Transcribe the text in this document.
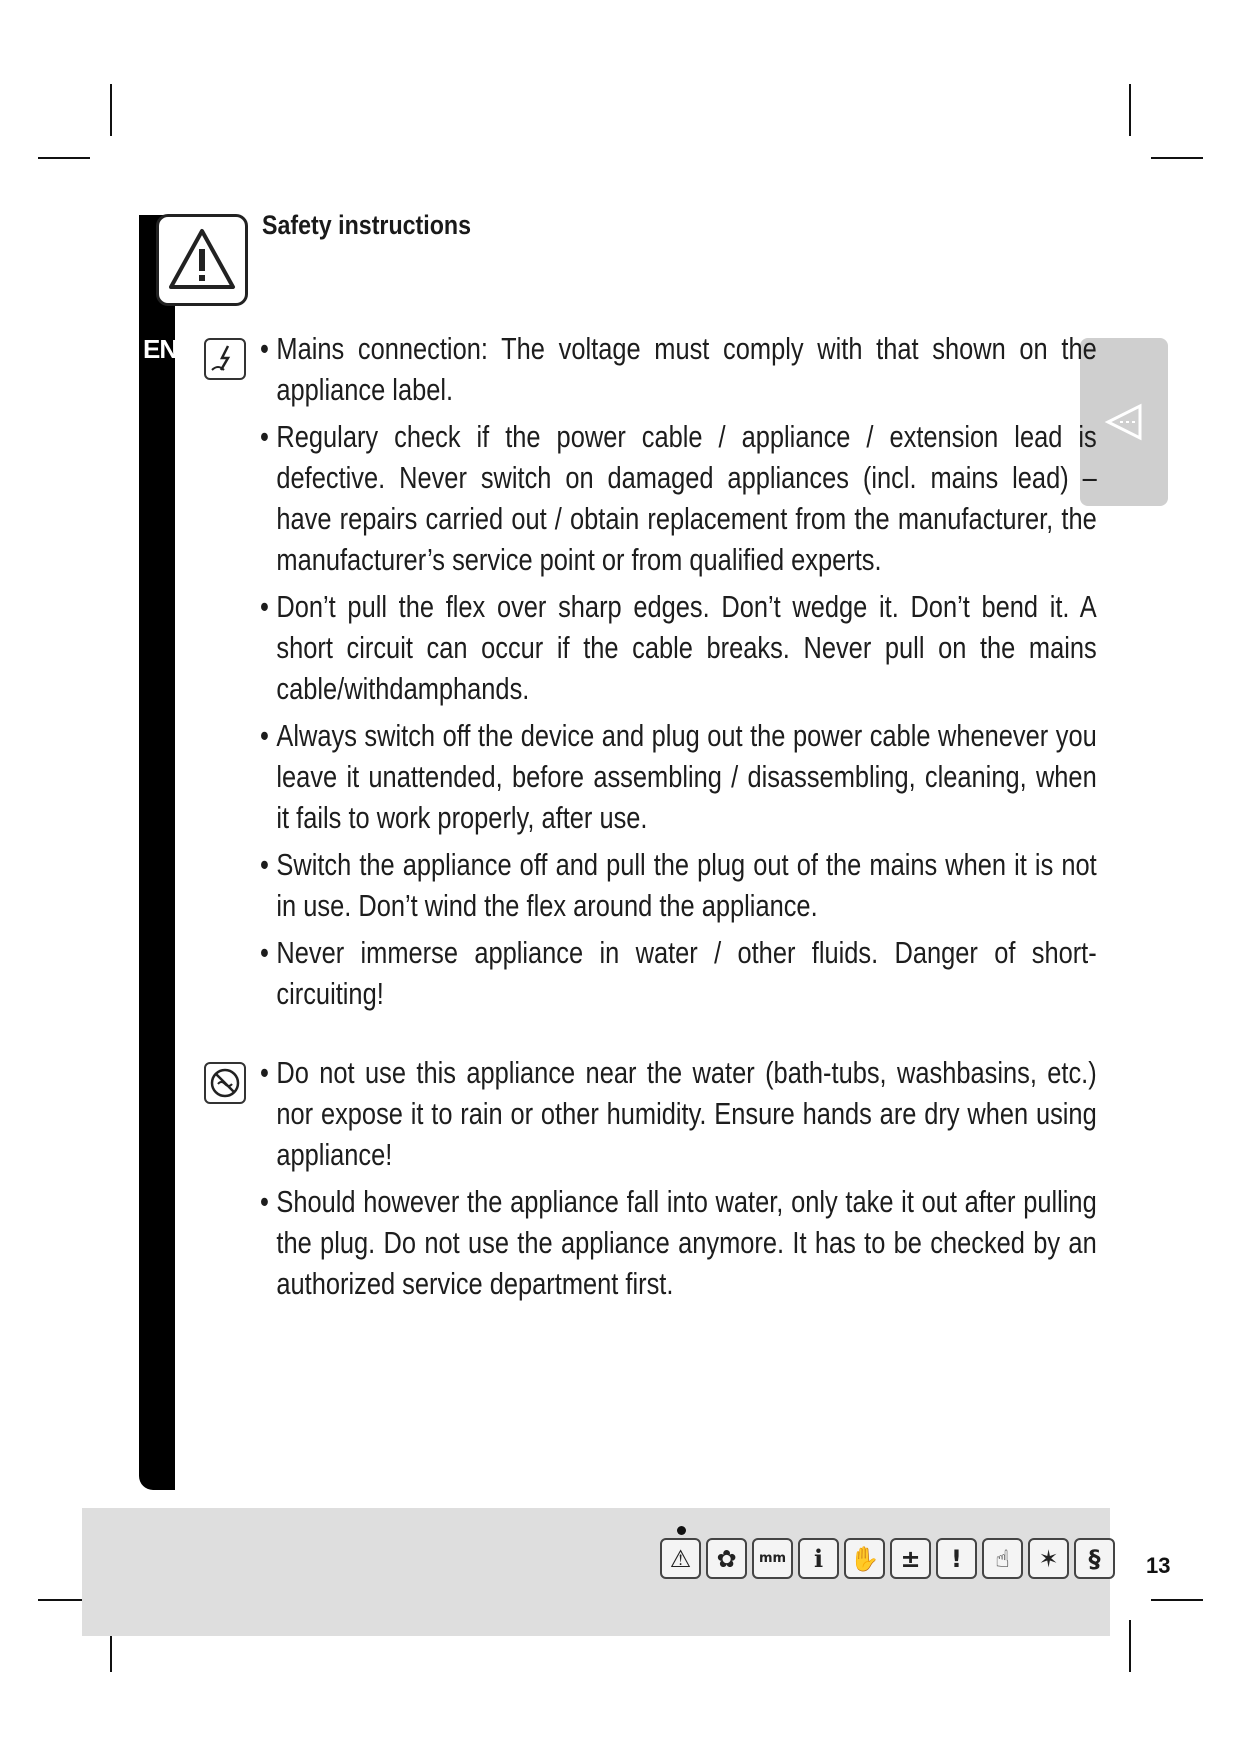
EN
Safety instructions
• Mains connection: The voltage must comply with that shown on the appliance label.
• Regulary check if the power cable / appliance / extension lead is defective. Never switch on damaged appliances (incl. mains lead) – have repairs carried out / obtain replacement from the manufacturer, the manufacturer’s service point or from qualified experts.
• Don’t pull the flex over sharp edges. Don’t wedge it. Don’t bend it. A short circuit can occur if the cable breaks. Never pull on the mains cable/withdamphands.
• Always switch off the device and plug out the power cable whenever you leave it unattended, before assembling / disassembling, cleaning, when it fails to work properly, after use.
• Switch the appliance off and pull the plug out of the mains when it is not in use. Don’t wind the flex around the appliance.
• Never immerse appliance in water / other fluids. Danger of short-circuiting!
• Do not use this appliance near the water (bath-tubs, washbasins, etc.) nor expose it to rain or other humidity. Ensure hands are dry when using appliance!
• Should however the appliance fall into water, only take it out after pulling the plug. Do not use the appliance anymore. It has to be checked by an authorized service department first.
⚠	✿	mm	i	✋ ±	!	☝	✶	§	13
